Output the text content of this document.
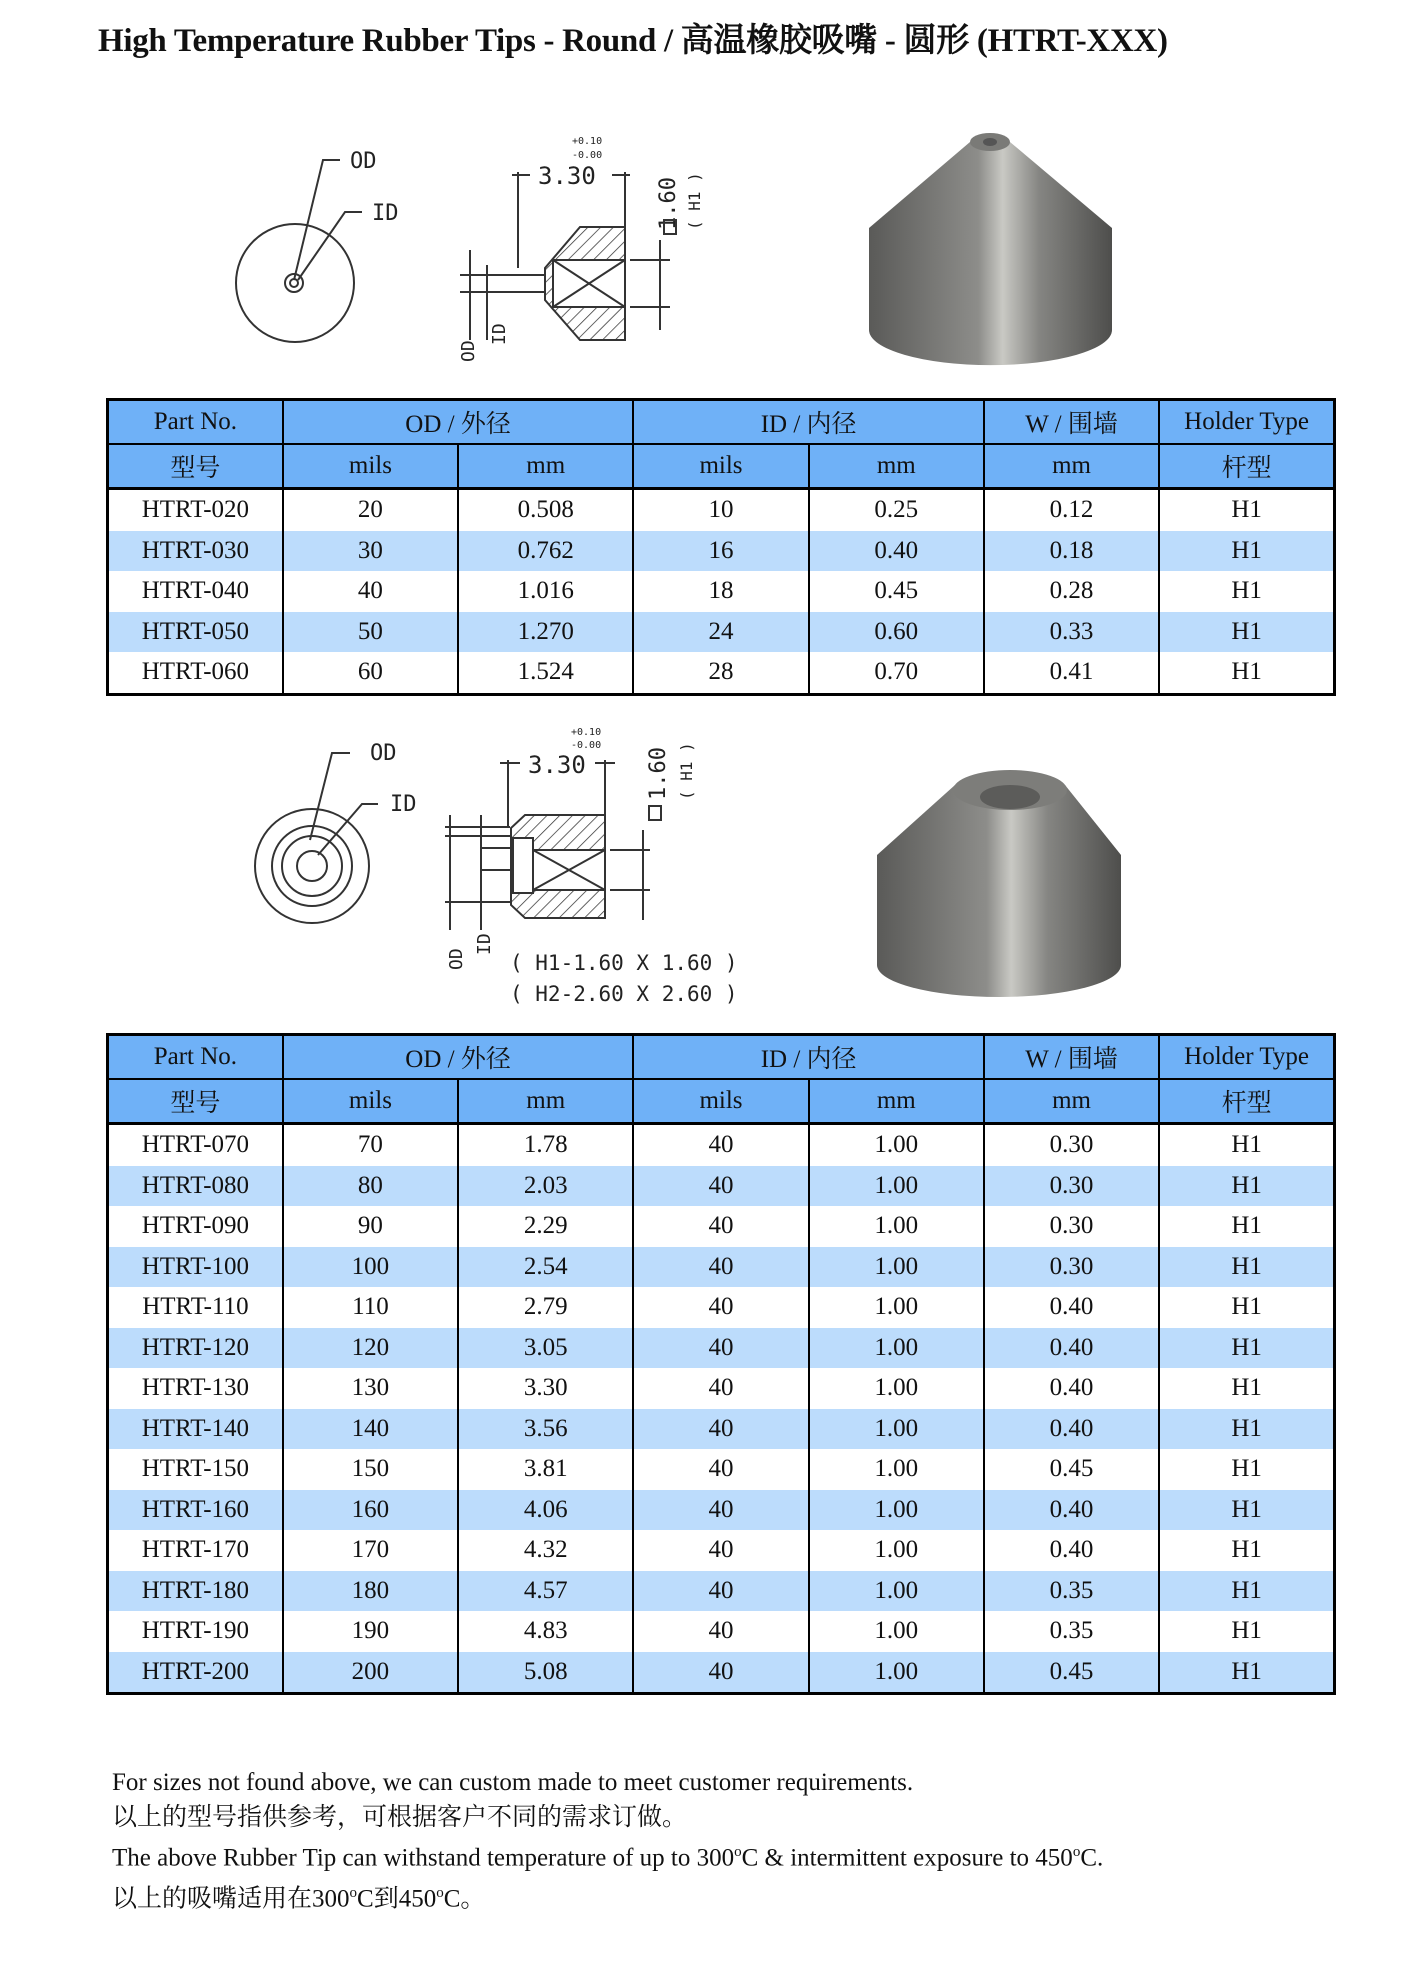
High Temperature Rubber Tips - Round / 高温橡胶吸嘴 - 圆形 (HTRT-XXX)
OD
ID
3.30
+0.10
-0.00
1.60 ( H1 )
OD
ID
Part No.	OD / 外径		ID / 内径		W / 围墙	Holder Type
型号	mils	mm	mils	mm	mm	杆型
HTRT-020	20	0.508	10	0.25	0.12	H1
HTRT-030	30	0.762	16	0.40	0.18	H1
HTRT-040	40	1.016	18	0.45	0.28	H1
HTRT-050	50	1.270	24	0.60	0.33	H1
HTRT-060	60	1.524	28	0.70	0.41	H1
OD
ID
3.30
+0.10
-0.00
1.60 ( H1 )
OD
ID
( H1-1.60 X 1.60 )
( H2-2.60 X 2.60 )
Part No.	OD / 外径		ID / 内径		W / 围墙	Holder Type
型号	mils	mm	mils	mm	mm	杆型
HTRT-070	70	1.78	40	1.00	0.30	H1
HTRT-080	80	2.03	40	1.00	0.30	H1
HTRT-090	90	2.29	40	1.00	0.30	H1
HTRT-100	100	2.54	40	1.00	0.30	H1
HTRT-110	110	2.79	40	1.00	0.40	H1
HTRT-120	120	3.05	40	1.00	0.40	H1
HTRT-130	130	3.30	40	1.00	0.40	H1
HTRT-140	140	3.56	40	1.00	0.40	H1
HTRT-150	150	3.81	40	1.00	0.45	H1
HTRT-160	160	4.06	40	1.00	0.40	H1
HTRT-170	170	4.32	40	1.00	0.40	H1
HTRT-180	180	4.57	40	1.00	0.35	H1
HTRT-190	190	4.83	40	1.00	0.35	H1
HTRT-200	200	5.08	40	1.00	0.45	H1
For sizes not found above, we can custom made to meet customer requirements.
以上的型号指供参考，可根据客户不同的需求订做。
The above Rubber Tip can withstand temperature of up to 300$^o$C & intermittent exposure to 450$^o$C.
以上的吸嘴适用在300$^o$C到450$^o$C。
